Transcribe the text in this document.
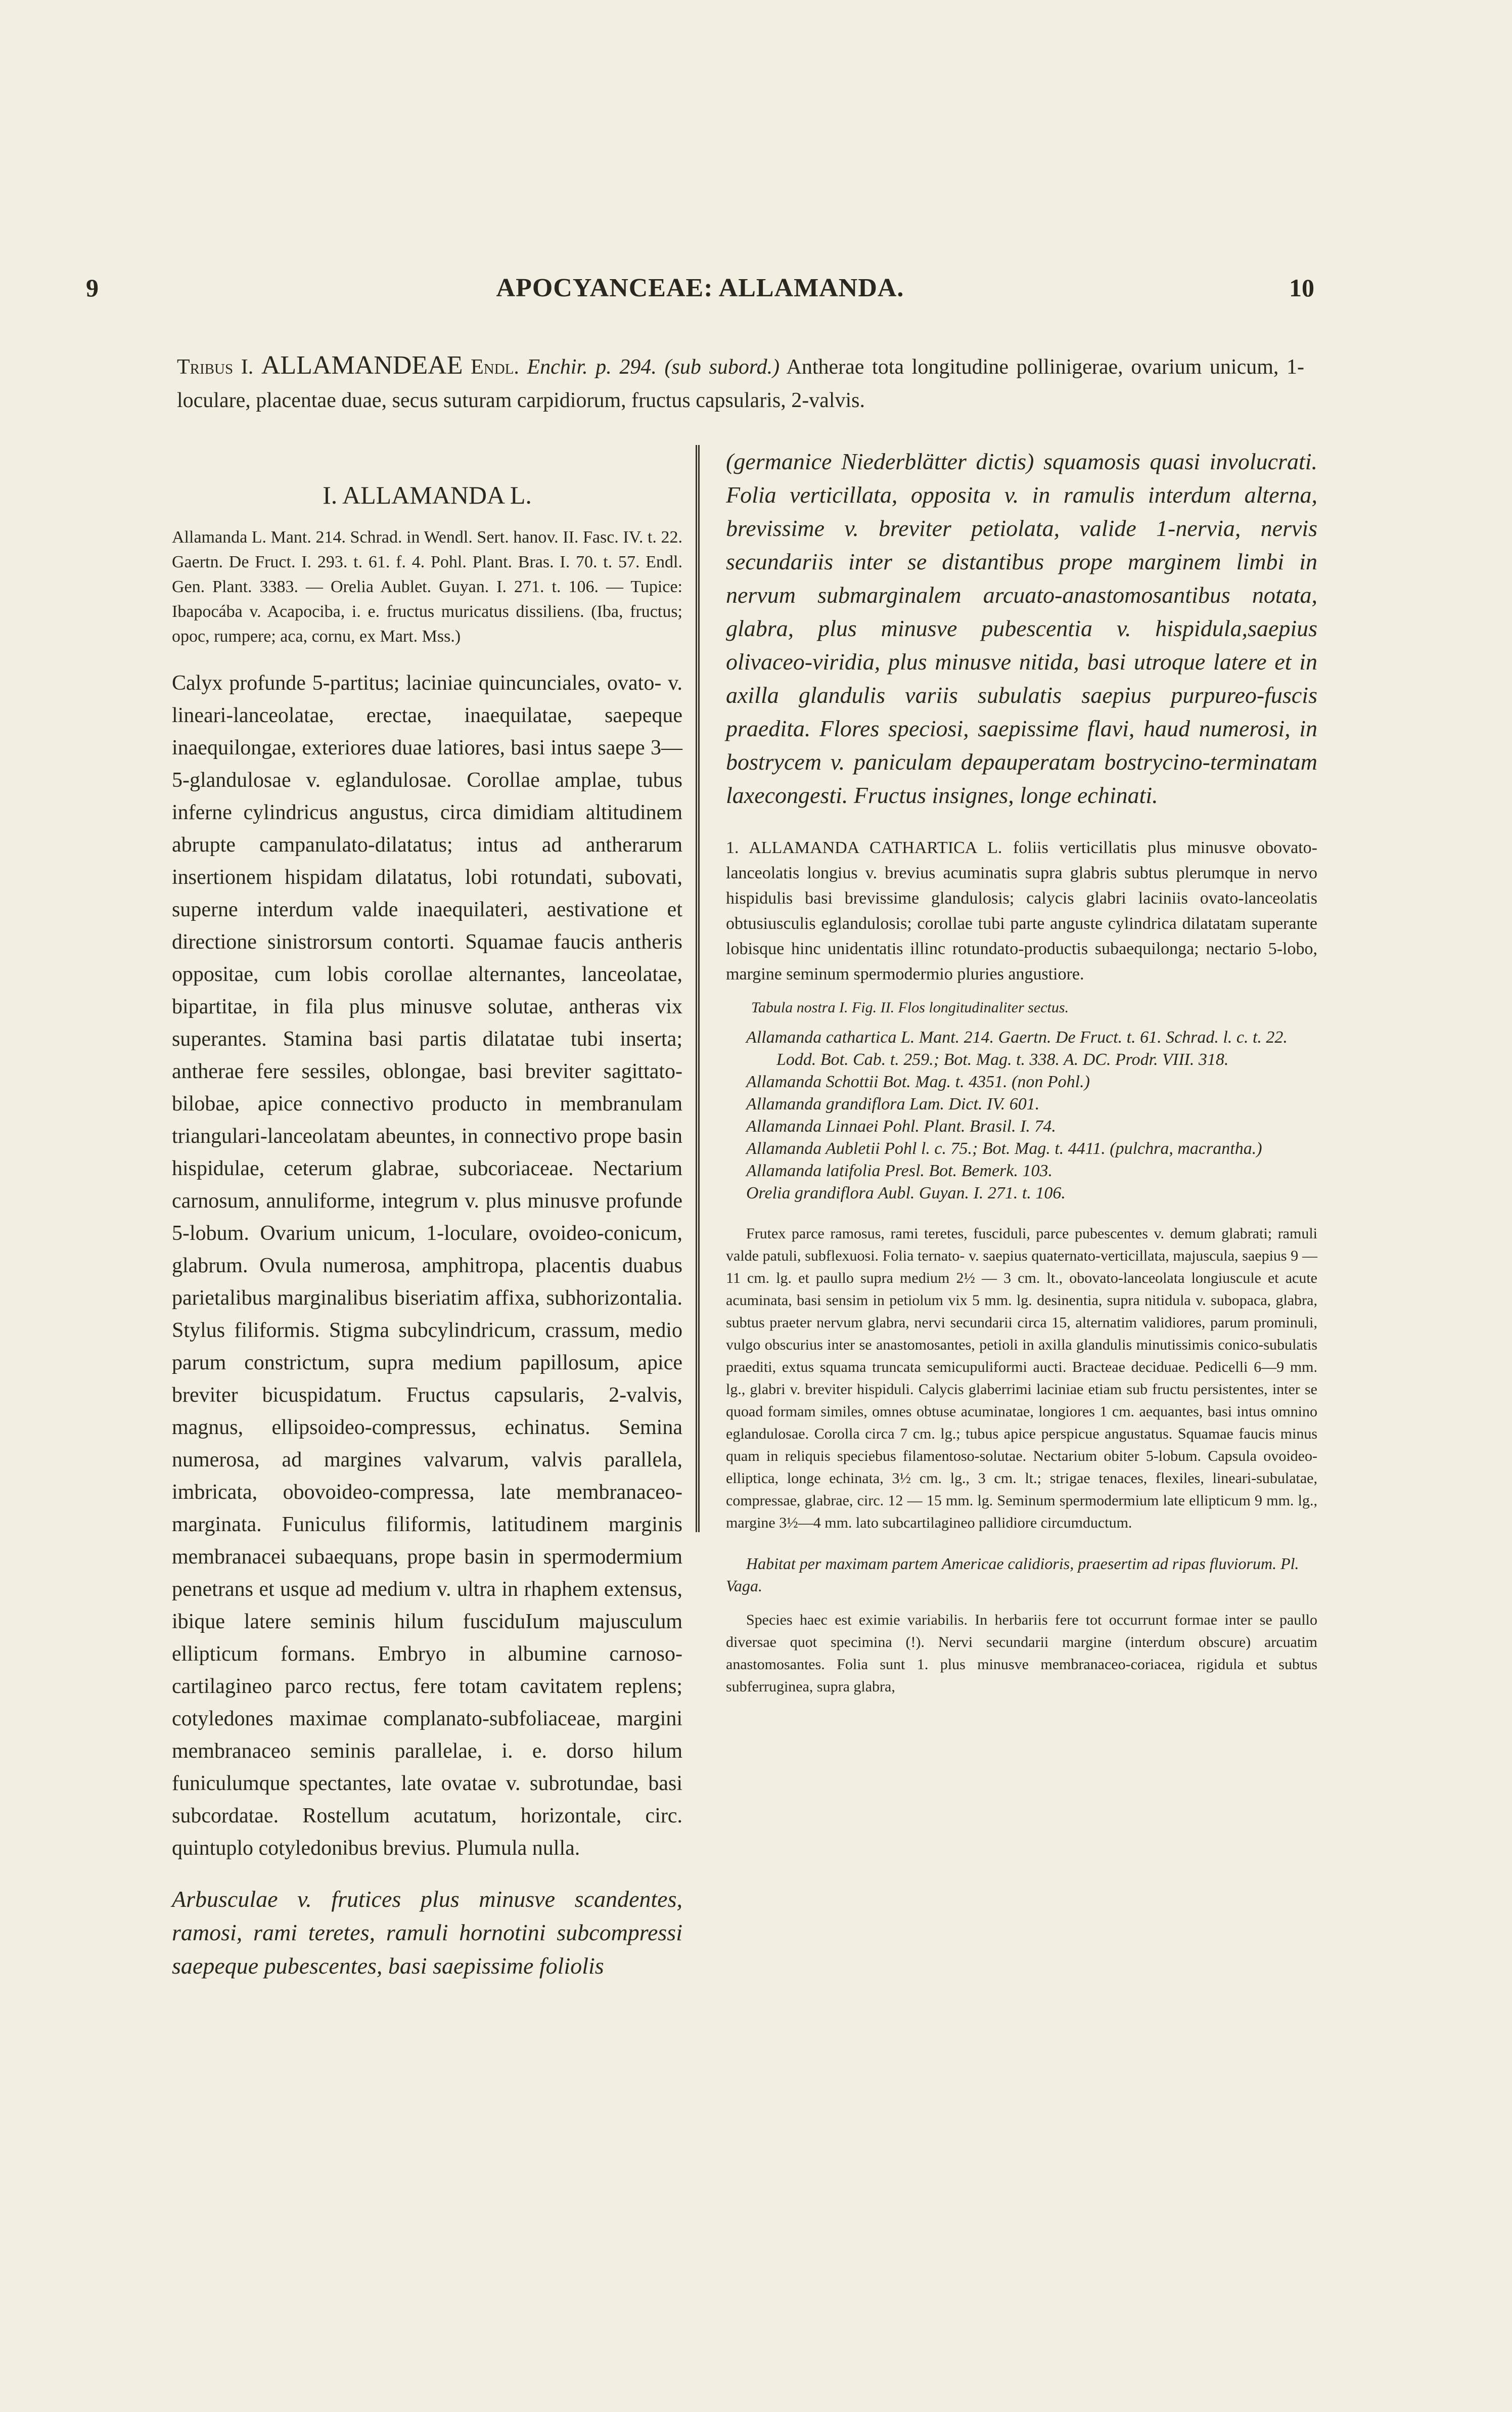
9	APOCYANCEAE: ALLAMANDA.	10
Tribus I. ALLAMANDEAE Endl. Enchir. p. 294. (sub subord.) Antherae tota longitudine pollinigerae, ovarium unicum, 1-loculare, placentae duae, secus suturam carpidiorum, fructus capsularis, 2-valvis.
I. ALLAMANDA L.
Allamanda L. Mant. 214. Schrad. in Wendl. Sert. hanov. II. Fasc. IV. t. 22. Gaertn. De Fruct. I. 293. t. 61. f. 4. Pohl. Plant. Bras. I. 70. t. 57. Endl. Gen. Plant. 3383. — Orelia Aublet. Guyan. I. 271. t. 106. — Tupice: Ibapocába v. Acapociba, i. e. fructus muricatus dissiliens. (Iba, fructus; opoc, rumpere; aca, cornu, ex Mart. Mss.)
Calyx profunde 5-partitus; laciniae quincunciales, ovato- v. lineari-lanceolatae, erectae, inaequilatae, saepeque inaequilongae, exteriores duae latiores, basi intus saepe 3—5-glandulosae v. eglandulosae. Corollae amplae, tubus inferne cylindricus angustus, circa dimidiam altitudinem abrupte campanulato-dilatatus; intus ad antherarum insertionem hispidam dilatatus, lobi rotundati, subovati, superne interdum valde inaequilateri, aestivatione et directione sinistrorsum contorti. Squamae faucis antheris oppositae, cum lobis corollae alternantes, lanceolatae, bipartitae, in fila plus minusve solutae, antheras vix superantes. Stamina basi partis dilatatae tubi inserta; antherae fere sessiles, oblongae, basi breviter sagittato-bilobae, apice connectivo producto in membranulam triangulari-lanceolatam abeuntes, in connectivo prope basin hispidulae, ceterum glabrae, subcoriaceae. Nectarium carnosum, annuliforme, integrum v. plus minusve profunde 5-lobum. Ovarium unicum, 1-loculare, ovoideo-conicum, glabrum. Ovula numerosa, amphitropa, placentis duabus parietalibus marginalibus biseriatim affixa, subhorizontalia. Stylus filiformis. Stigma subcylindricum, crassum, medio parum constrictum, supra medium papillosum, apice breviter bicuspidatum. Fructus capsularis, 2-valvis, magnus, ellipsoideo-compressus, echinatus. Semina numerosa, ad margines valvarum, valvis parallela, imbricata, obovoideo-compressa, late membranaceo-marginata. Funiculus filiformis, latitudinem marginis membranacei subaequans, prope basin in spermodermium penetrans et usque ad medium v. ultra in rhaphem extensus, ibique latere seminis hilum fusciduIum majusculum ellipticum formans. Embryo in albumine carnoso-cartilagineo parco rectus, fere totam cavitatem replens; cotyledones maximae complanato-subfoliaceae, margini membranaceo seminis parallelae, i. e. dorso hilum funiculumque spectantes, late ovatae v. subrotundae, basi subcordatae. Rostellum acutatum, horizontale, circ. quintuplo cotyledonibus brevius. Plumula nulla.
Arbusculae v. frutices plus minusve scandentes, ramosi, rami teretes, ramuli hornotini subcompressi saepeque pubescentes, basi saepissime foliolis
(germanice Niederblätter dictis) squamosis quasi involucrati. Folia verticillata, opposita v. in ramulis interdum alterna, brevissime v. breviter petiolata, valide 1-nervia, nervis secundariis inter se distantibus prope marginem limbi in nervum submarginalem arcuato-anastomosantibus notata, glabra, plus minusve pubescentia v. hispidula,saepius olivaceo-viridia, plus minusve nitida, basi utroque latere et in axilla glandulis variis subulatis saepius purpureo-fuscis praedita. Flores speciosi, saepissime flavi, haud numerosi, in bostrycem v. paniculam depauperatam bostrycino-terminatam laxecongesti. Fructus insignes, longe echinati.
1. ALLAMANDA CATHARTICA L. foliis verticillatis plus minusve obovato-lanceolatis longius v. brevius acuminatis supra glabris subtus plerumque in nervo hispidulis basi brevissime glandulosis; calycis glabri laciniis ovato-lanceolatis obtusiusculis eglandulosis; corollae tubi parte anguste cylindrica dilatatam superante lobisque hinc unidentatis illinc rotundato-productis subaequilonga; nectario 5-lobo, margine seminum spermodermio pluries angustiore.
Tabula nostra I. Fig. II. Flos longitudinaliter sectus.
Allamanda cathartica L. Mant. 214. Gaertn. De Fruct. t. 61. Schrad. l. c. t. 22. Lodd. Bot. Cab. t. 259.; Bot. Mag. t. 338. A. DC. Prodr. VIII. 318.
Allamanda Schottii Bot. Mag. t. 4351. (non Pohl.)
Allamanda grandiflora Lam. Dict. IV. 601.
Allamanda Linnaei Pohl. Plant. Brasil. I. 74.
Allamanda Aubletii Pohl l. c. 75.; Bot. Mag. t. 4411. (pulchra, macrantha.)
Allamanda latifolia Presl. Bot. Bemerk. 103.
Orelia grandiflora Aubl. Guyan. I. 271. t. 106.
Frutex parce ramosus, rami teretes, fusciduli, parce pubescentes v. demum glabrati; ramuli valde patuli, subflexuosi. Folia ternato- v. saepius quaternato-verticillata, majuscula, saepius 9 — 11 cm. lg. et paullo supra medium 2½ — 3 cm. lt., obovato-lanceolata longiuscule et acute acuminata, basi sensim in petiolum vix 5 mm. lg. desinentia, supra nitidula v. subopaca, glabra, subtus praeter nervum glabra, nervi secundarii circa 15, alternatim validiores, parum prominuli, vulgo obscurius inter se anastomosantes, petioli in axilla glandulis minutissimis conico-subulatis praediti, extus squama truncata semicupuliformi aucti. Bracteae deciduae. Pedicelli 6—9 mm. lg., glabri v. breviter hispiduli. Calycis glaberrimi laciniae etiam sub fructu persistentes, inter se quoad formam similes, omnes obtuse acuminatae, longiores 1 cm. aequantes, basi intus omnino eglandulosae. Corolla circa 7 cm. lg.; tubus apice perspicue angustatus. Squamae faucis minus quam in reliquis speciebus filamentoso-solutae. Nectarium obiter 5-lobum. Capsula ovoideo-elliptica, longe echinata, 3½ cm. lg., 3 cm. lt.; strigae tenaces, flexiles, lineari-subulatae, compressae, glabrae, circ. 12 — 15 mm. lg. Seminum spermodermium late ellipticum 9 mm. lg., margine 3½—4 mm. lato subcartilagineo pallidiore circumductum.
Habitat per maximam partem Americae calidioris, praesertim ad ripas fluviorum. Pl. Vaga.
Species haec est eximie variabilis. In herbariis fere tot occurrunt formae inter se paullo diversae quot specimina (!). Nervi secundarii margine (interdum obscure) arcuatim anastomosantes. Folia sunt 1. plus minusve membranaceo-coriacea, rigidula et subtus subferruginea, supra glabra,
